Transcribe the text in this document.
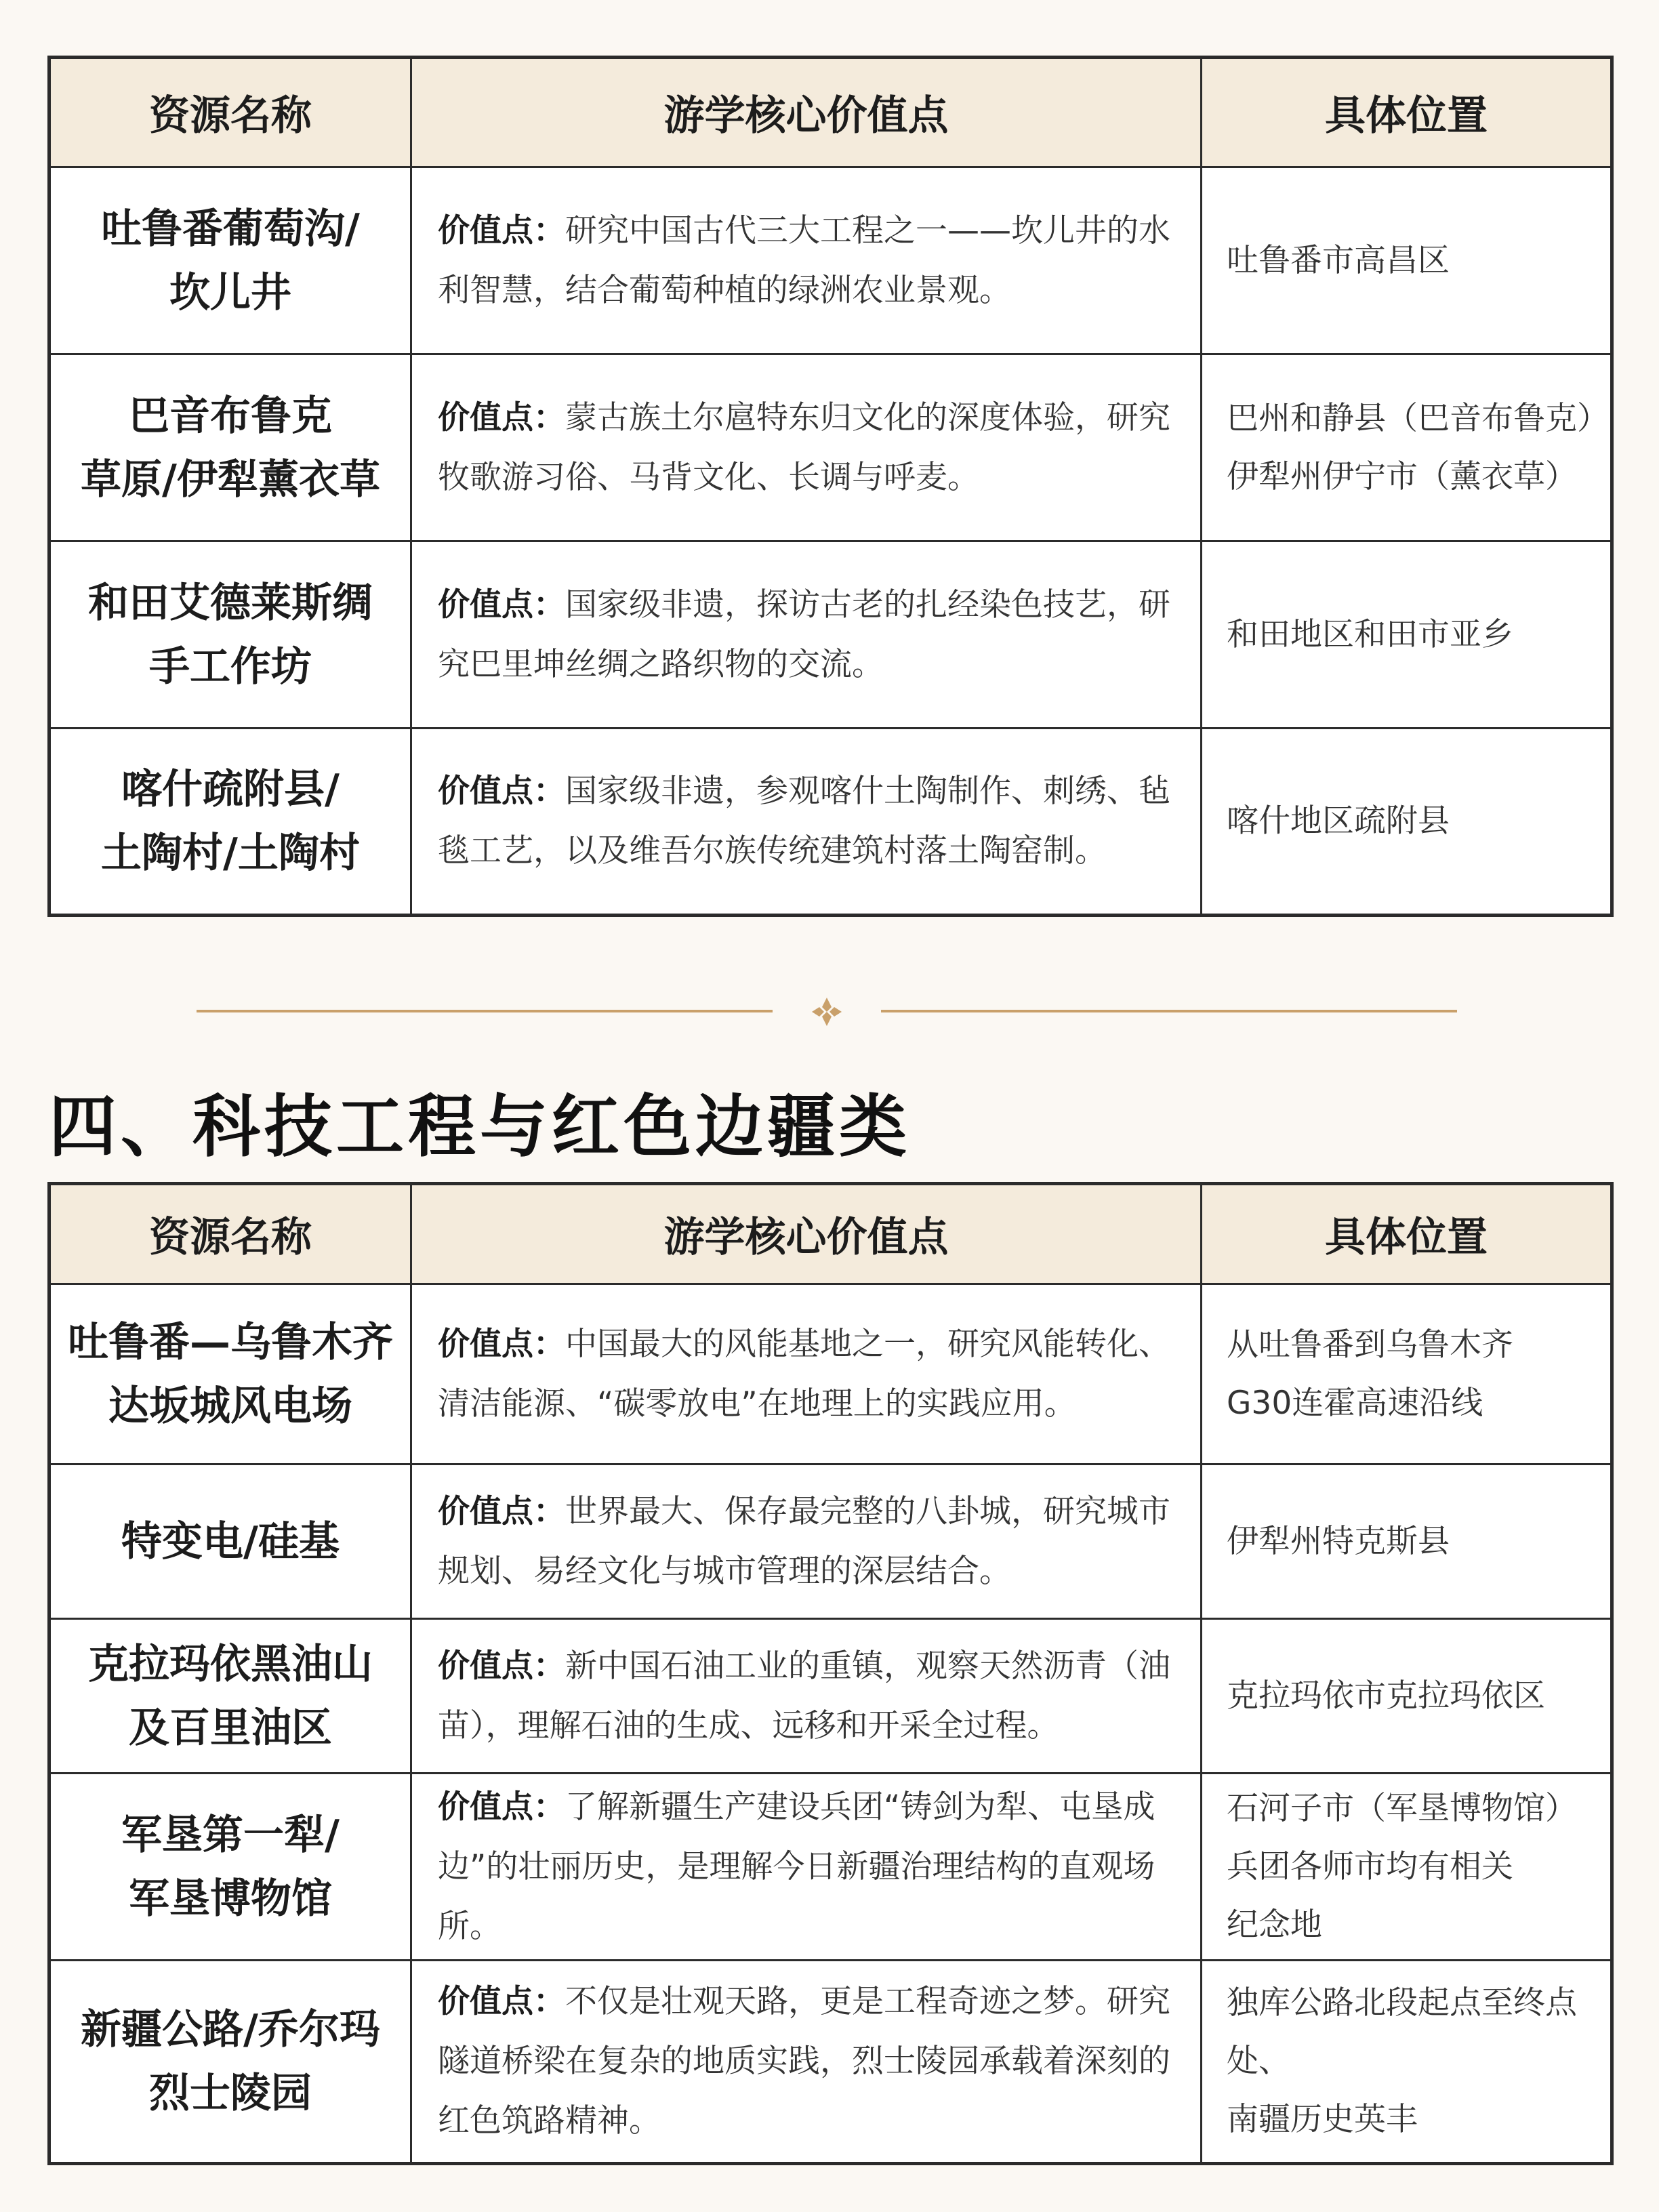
资源名称	游学核心价值点	具体位置

吐鲁番葡萄沟/
坎儿井	价值点：研究中国古代三大工程之一——坎儿井的水利智慧，结合葡萄种植的绿洲农业景观。	吐鲁番市高昌区

巴音布鲁克
草原/伊犁薰衣草	价值点：蒙古族土尔扈特东归文化的深度体验，研究牧歌游习俗、马背文化、长调与呼麦。	巴州和静县（巴音布鲁克）
伊犁州伊宁市（薰衣草）

和田艾德莱斯绸
手工作坊	价值点：国家级非遗，探访古老的扎经染色技艺，研究巴里坤丝绸之路织物的交流。	和田地区和田市亚乡

喀什疏附县/
土陶村/土陶村	价值点：国家级非遗，参观喀什土陶制作、刺绣、毡毯工艺，以及维吾尔族传统建筑村落土陶窑制。	喀什地区疏附县
四、科技工程与红色边疆类
资源名称	游学核心价值点	具体位置

吐鲁番—乌鲁木齐
达坂城风电场	价值点：中国最大的风能基地之一，研究风能转化、清洁能源、“碳零放电”在地理上的实践应用。	从吐鲁番到乌鲁木齐
G30连霍高速沿线

特变电/硅基	价值点：世界最大、保存最完整的八卦城，研究城市规划、易经文化与城市管理的深层结合。	伊犁州特克斯县

克拉玛依黑油山
及百里油区	价值点：新中国石油工业的重镇，观察天然沥青（油苗），理解石油的生成、远移和开采全过程。	克拉玛依市克拉玛依区

军垦第一犁/
军垦博物馆	价值点：了解新疆生产建设兵团“铸剑为犁、屯垦成边”的壮丽历史，是理解今日新疆治理结构的直观场所。	石河子市（军垦博物馆）
兵团各师市均有相关
纪念地

新疆公路/乔尔玛
烈士陵园	价值点：不仅是壮观天路，更是工程奇迹之梦。研究隧道桥梁在复杂的地质实践，烈士陵园承载着深刻的红色筑路精神。	独库公路北段起点至终点处、
南疆历史英丰
